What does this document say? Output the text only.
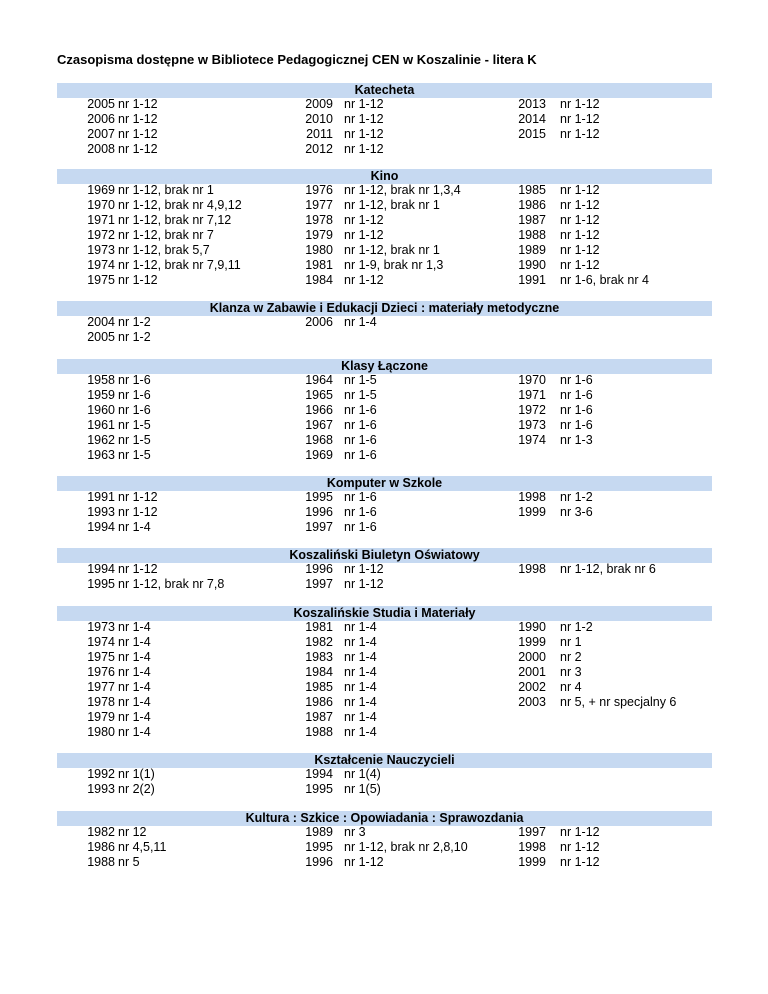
Czasopisma dostępne w Bibliotece Pedagogicznej CEN w Koszalinie - litera K
Katecheta
2005 nr 1-12	2009 nr 1-12	2013 nr 1-12
2006 nr 1-12	2010 nr 1-12	2014 nr 1-12
2007 nr 1-12	2011 nr 1-12	2015 nr 1-12
2008 nr 1-12	2012 nr 1-12
Kino
1969 nr 1-12, brak nr 1	1976 nr 1-12, brak nr 1,3,4	1985 nr 1-12
1970 nr 1-12, brak nr 4,9,12	1977 nr 1-12, brak nr 1	1986 nr 1-12
1971 nr 1-12, brak nr 7,12	1978 nr 1-12	1987 nr 1-12
1972 nr 1-12, brak nr 7	1979 nr 1-12	1988 nr 1-12
1973 nr 1-12, brak 5,7	1980 nr 1-12, brak nr 1	1989 nr 1-12
1974 nr 1-12, brak nr 7,9,11	1981 nr 1-9, brak nr 1,3	1990 nr 1-12
1975 nr 1-12	1984 nr 1-12	1991 nr 1-6, brak nr 4
Klanza w Zabawie i Edukacji Dzieci : materiały metodyczne
2004 nr 1-2	2006 nr 1-4
2005 nr 1-2
Klasy Łączone
1958 nr 1-6	1964 nr 1-5	1970 nr 1-6
1959 nr 1-6	1965 nr 1-5	1971 nr 1-6
1960 nr 1-6	1966 nr 1-6	1972 nr 1-6
1961 nr 1-5	1967 nr 1-6	1973 nr 1-6
1962 nr 1-5	1968 nr 1-6	1974 nr 1-3
1963 nr 1-5	1969 nr 1-6
Komputer w Szkole
1991 nr 1-12	1995 nr 1-6	1998 nr 1-2
1993 nr 1-12	1996 nr 1-6	1999 nr 3-6
1994 nr 1-4	1997 nr 1-6
Koszaliński Biuletyn Oświatowy
1994 nr 1-12	1996 nr 1-12	1998 nr 1-12, brak nr 6
1995 nr 1-12, brak nr 7,8	1997 nr 1-12
Koszalińskie Studia i Materiały
1973 nr 1-4	1981 nr 1-4	1990 nr 1-2
1974 nr 1-4	1982 nr 1-4	1999 nr 1
1975 nr 1-4	1983 nr 1-4	2000 nr 2
1976 nr 1-4	1984 nr 1-4	2001 nr 3
1977 nr 1-4	1985 nr 1-4	2002 nr 4
1978 nr 1-4	1986 nr 1-4	2003 nr 5, + nr specjalny 6
1979 nr 1-4	1987 nr 1-4
1980 nr 1-4	1988 nr 1-4
Kształcenie Nauczycieli
1992 nr 1(1)	1994 nr 1(4)
1993 nr 2(2)	1995 nr 1(5)
Kultura : Szkice : Opowiadania : Sprawozdania
1982 nr 12	1989 nr 3	1997 nr 1-12
1986 nr 4,5,11	1995 nr 1-12, brak nr 2,8,10	1998 nr 1-12
1988 nr 5	1996 nr 1-12	1999 nr 1-12
